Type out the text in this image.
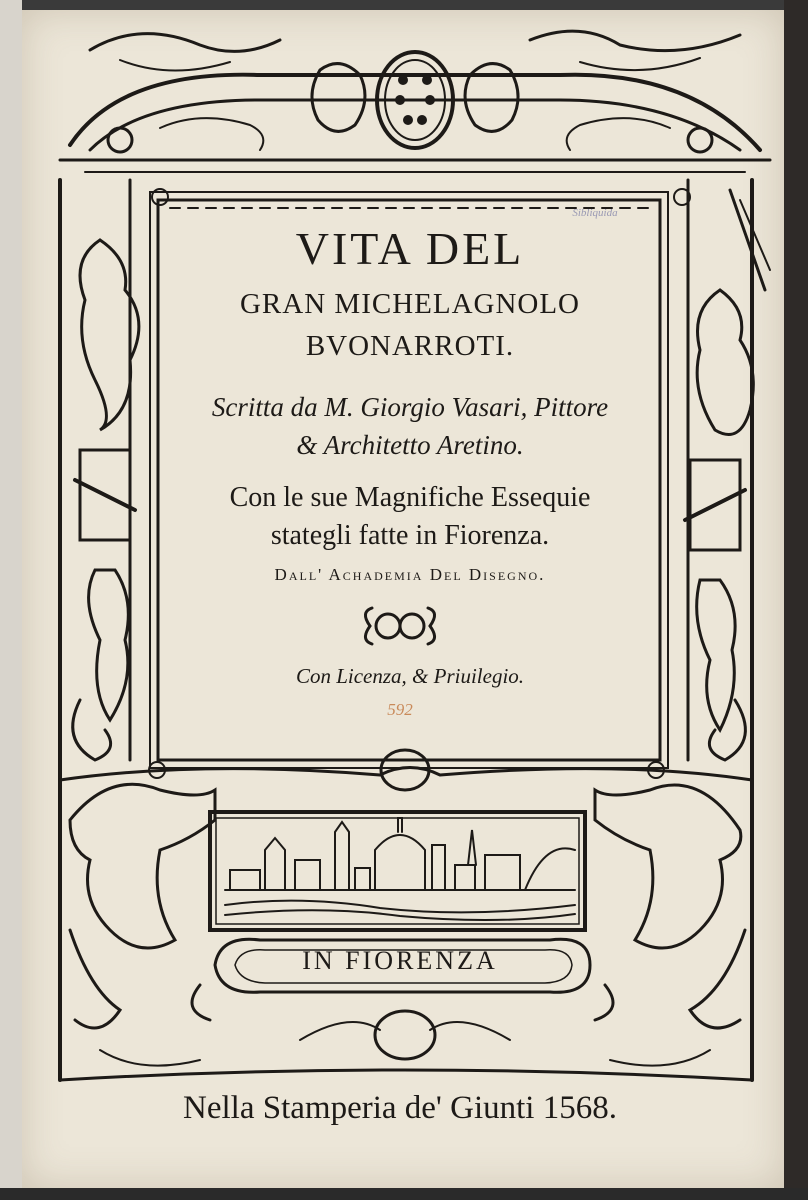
VITA DEL
GRAN MICHELAGNOLO
BVONARROTI.
Scritta da M. Giorgio Vasari, Pittore
& Architetto Aretino.
Con le sue Magnifiche Essequie
stategli fatte in Fiorenza.
Dall' Achademia Del Disegno.
Con Licenza, & Priuilegio.
592
Sibliquida
IN FIORENZA
Nella Stamperia de' Giunti 1568.
